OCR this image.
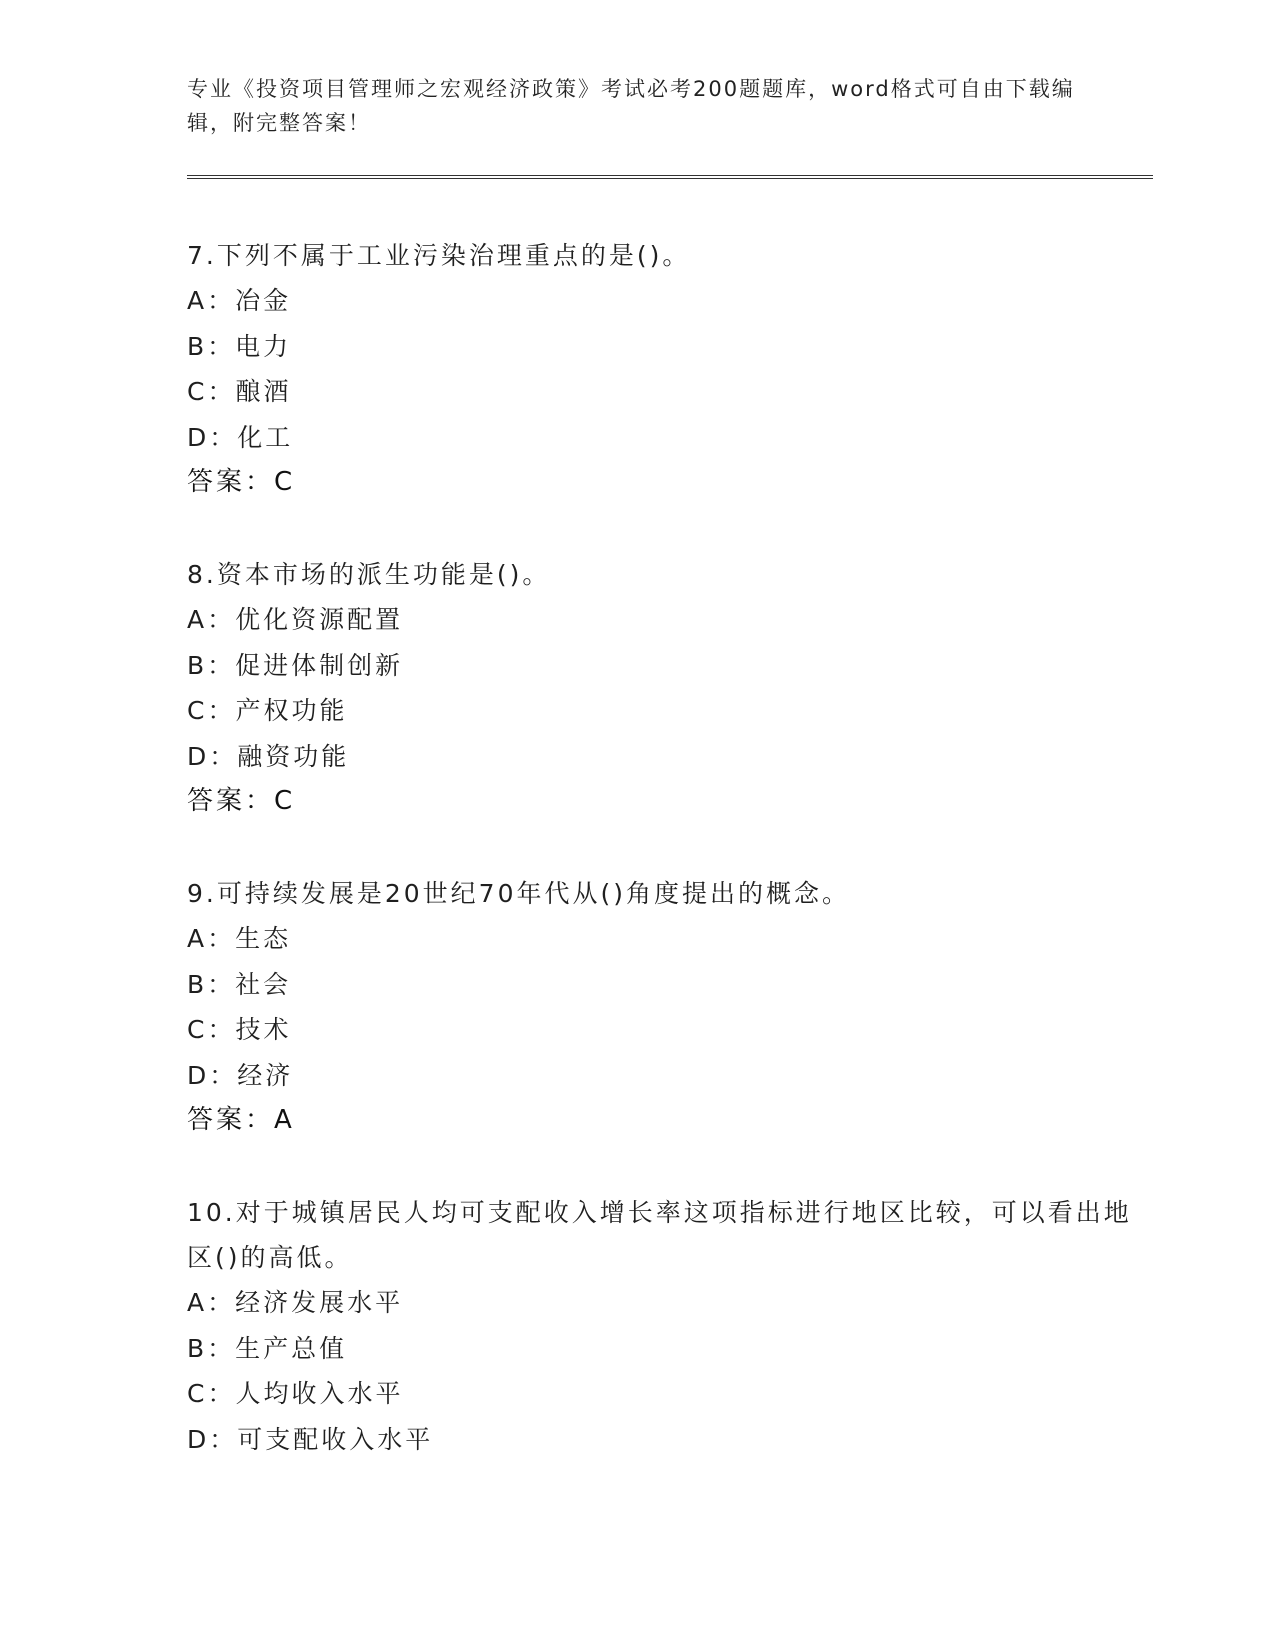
专业《投资项目管理师之宏观经济政策》考试必考200题题库，word格式可自由下载编辑，附完整答案！

7.下列不属于工业污染治理重点的是()。

A：冶金

B：电力

C：酿酒

D：化工

答案：C

8.资本市场的派生功能是()。

A：优化资源配置

B：促进体制创新

C：产权功能

D：融资功能

答案：C

9.可持续发展是20世纪70年代从()角度提出的概念。

A：生态

B：社会

C：技术

D：经济

答案：A

10.对于城镇居民人均可支配收入增长率这项指标进行地区比较，可以看出地区()的高低。

A：经济发展水平

B：生产总值

C：人均收入水平

D：可支配收入水平
